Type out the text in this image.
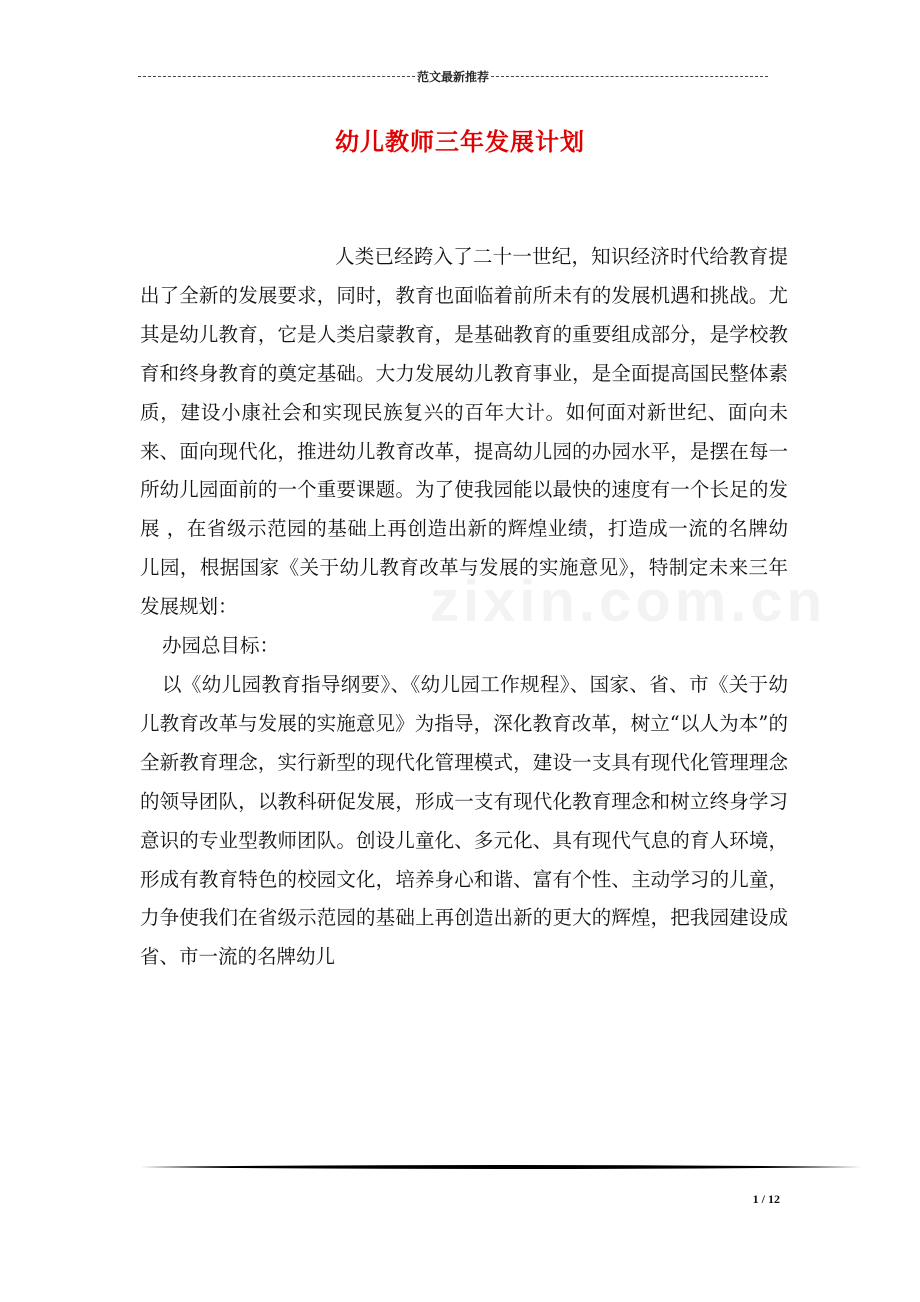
范文最新推荐
幼儿教师三年发展计划
zixin.com.cn

人类已经跨入了二十一世纪，知识经济时代给教育提出了全新的发展要求，同时，教育也面临着前所未有的发展机遇和挑战。尤其是幼儿教育，它是人类启蒙教育，是基础教育的重要组成部分，是学校教育和终身教育的奠定基础。大力发展幼儿教育事业，是全面提高国民整体素质，建设小康社会和实现民族复兴的百年大计。如何面对新世纪、面向未来、面向现代化，推进幼儿教育改革，提高幼儿园的办园水平，是摆在每一所幼儿园面前的一个重要课题。为了使我园能以最快的速度有一个长足的发展 ，在省级示范园的基础上再创造出新的辉煌业绩，打造成一流的名牌幼儿园，根据国家《关于幼儿教育改革与发展的实施意见》，特制定未来三年发展规划：

办园总目标：

以《幼儿园教育指导纲要》、《幼儿园工作规程》、国家、省、市《关于幼儿教育改革与发展的实施意见》为指导，深化教育改革，树立“以人为本”的全新教育理念，实行新型的现代化管理模式，建设一支具有现代化管理理念的领导团队，以教科研促发展，形成一支有现代化教育理念和树立终身学习意识的专业型教师团队。创设儿童化、多元化、具有现代气息的育人环境，形成有教育特色的校园文化，培养身心和谐、富有个性、主动学习的儿童，力争使我们在省级示范园的基础上再创造出新的更大的辉煌，把我园建设成省、市一流的名牌幼儿

1 / 12
